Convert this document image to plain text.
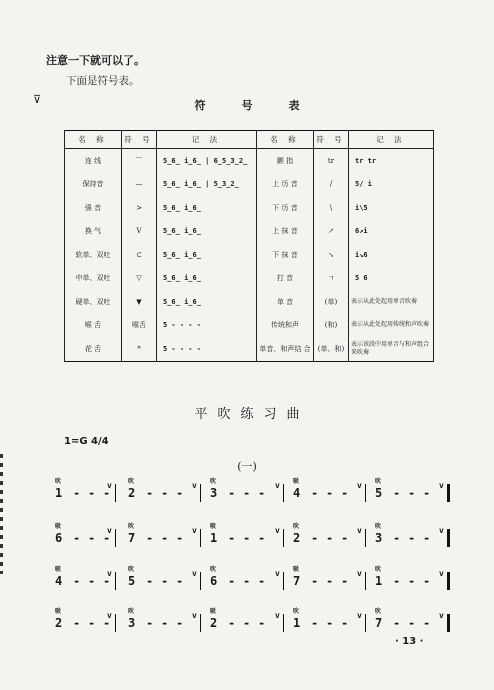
注意一下就可以了。
下面是符号表。
⊽	符号表
名 称	符 号	记 法	名 称	符 号	记 法
连 线	⌒	5̲6̲ i̲6̲ | 6̲5̲3̲2̲	颤 指	tr	tr tr
保持音	—	5̲6̲ i̲6̲ | 5̲3̲2̲	上 历 音	/	5/ i
强 音	>	5̲6̲ i̲6̲	下 历 音	\	i\5
换 气	V	5̲6̲ i̲6̲	上 抹 音	↗	6↗i
软单、双吐	⊂	5̲6̲ i̲6̲	下 抹 音	↘	i↘6
中单、双吐	▽	5̲6̲ i̲6̲	打 音	ㄱ	5 6
硬单、双吐	▼	5̲6̲ i̲6̲	单 音	(单)	表示从此处起用单音吹奏
喉 舌	喉舌	5 - - - -	传统和声	(和)	表示从此处起用传统和声吹奏
花 舌	*	5 - - - -	单音、和声结 合	(单、和)	表示该段中用单音与和声组合来吹奏
平吹练习曲
1=G 4/4
(一)
吹
1 - - -
v	吹
2 - - -
v 吹
3 - - -
v 吸
4 - - -
v 吹
5 - - -
v
吸
6 - - -
v	吹
7 - - -
v 吸
1 - - -
v 吹
2 - - -
v 吹
3 - - -
v
吸
4 - - -
v	吹
5 - - -
v 吹
6 - - -
v 吸
7 - - -
v 吹
1 - - -
v
吸
2 - - -
v	吹
3 - - -
v 吸
2 - - -
v 吹
1 - - -
v 吹
7 - - -
v
· 13 ·
